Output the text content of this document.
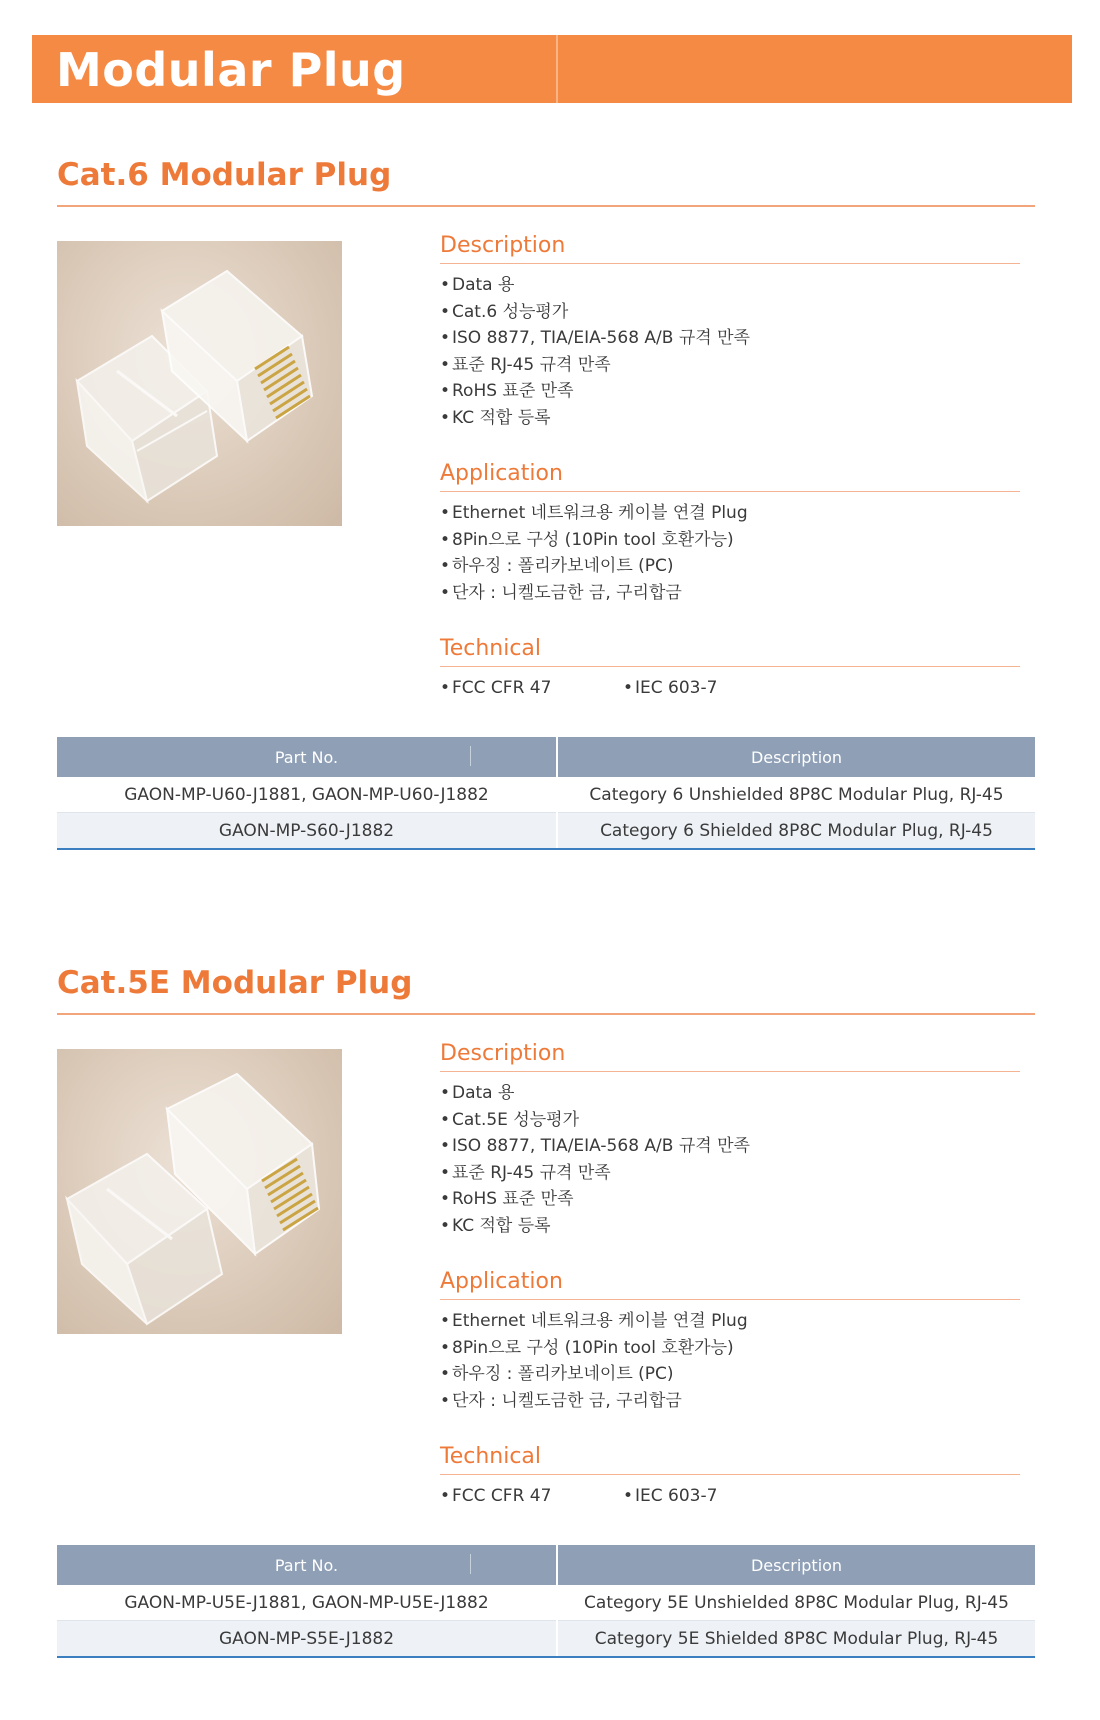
Modular Plug
Cat.6 Modular Plug
Description
• Data 용
• Cat.6 성능평가
• ISO 8877, TIA/EIA-568 A/B 규격 만족
• 표준 RJ-45 규격 만족
• RoHS 표준 만족
• KC 적합 등록
Application
• Ethernet 네트워크용 케이블 연결 Plug
• 8Pin으로 구성 (10Pin tool 호환가능)
• 하우징 : 폴리카보네이트 (PC)
• 단자 : 니켈도금한 금, 구리합금
Technical
• FCC CFR 47	• IEC 603-7
Part No.	Description
GAON-MP-U60-J1881, GAON-MP-U60-J1882	Category 6 Unshielded 8P8C Modular Plug, RJ-45
GAON-MP-S60-J1882	Category 6 Shielded 8P8C Modular Plug, RJ-45
Cat.5E Modular Plug
Description
• Data 용
• Cat.5E 성능평가
• ISO 8877, TIA/EIA-568 A/B 규격 만족
• 표준 RJ-45 규격 만족
• RoHS 표준 만족
• KC 적합 등록
Application
• Ethernet 네트워크용 케이블 연결 Plug
• 8Pin으로 구성 (10Pin tool 호환가능)
• 하우징 : 폴리카보네이트 (PC)
• 단자 : 니켈도금한 금, 구리합금
Technical
• FCC CFR 47	• IEC 603-7
Part No.	Description
GAON-MP-U5E-J1881, GAON-MP-U5E-J1882	Category 5E Unshielded 8P8C Modular Plug, RJ-45
GAON-MP-S5E-J1882	Category 5E Shielded 8P8C Modular Plug, RJ-45
